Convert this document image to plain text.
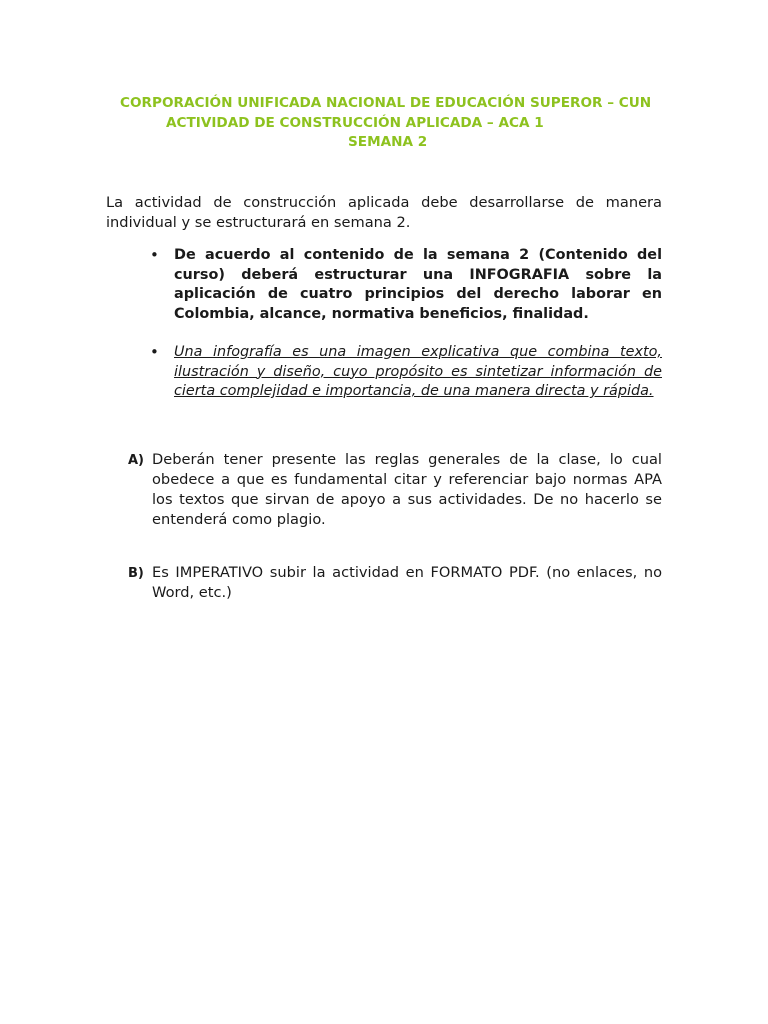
CORPORACIÓN UNIFICADA NACIONAL DE EDUCACIÓN SUPEROR – CUN
ACTIVIDAD DE CONSTRUCCIÓN APLICADA – ACA 1
SEMANA 2
La actividad de construcción aplicada debe desarrollarse de manera individual y se estructurará en semana 2.
• De acuerdo al contenido de la semana 2 (Contenido del curso) deberá estructurar una INFOGRAFIA sobre la aplicación de cuatro principios del derecho laborar en Colombia, alcance, normativa beneficios, finalidad.
• Una infografía es una imagen explicativa que combina texto, ilustración y diseño, cuyo propósito es sintetizar información de cierta complejidad e importancia, de una manera directa y rápida.
A) Deberán tener presente las reglas generales de la clase, lo cual obedece a que es fundamental citar y referenciar bajo normas APA los textos que sirvan de apoyo a sus actividades. De no hacerlo se entenderá como plagio.
B) Es IMPERATIVO subir la actividad en FORMATO PDF. (no enlaces, no Word, etc.)
